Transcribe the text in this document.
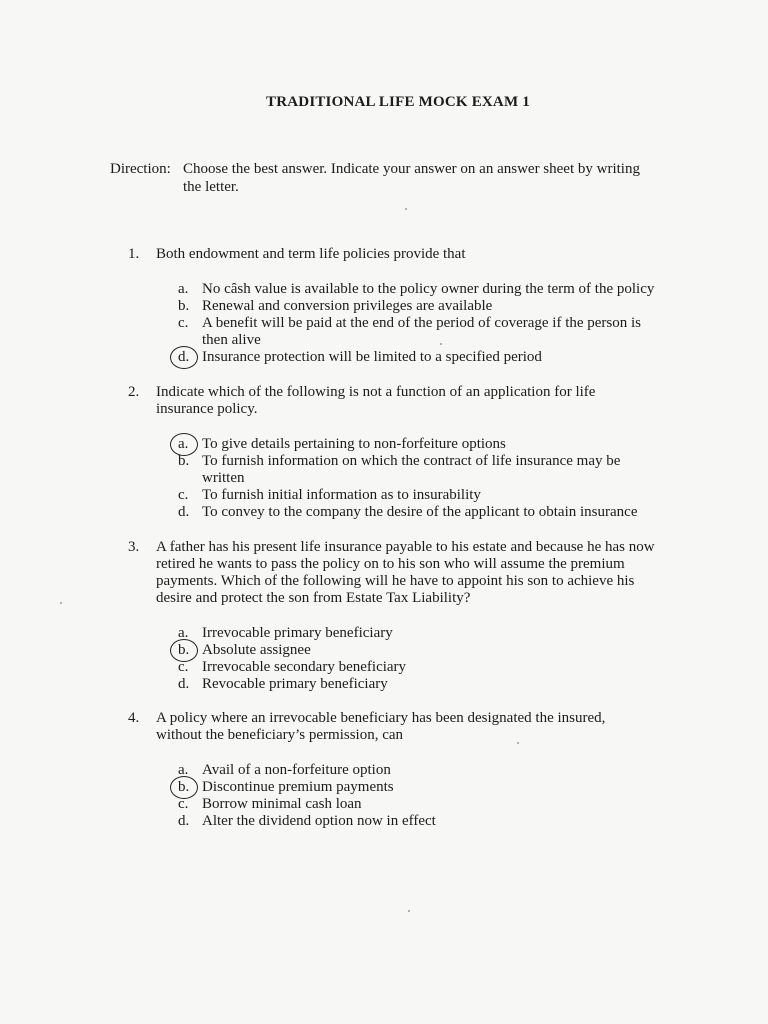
TRADITIONAL LIFE MOCK EXAM 1
Direction: Choose the best answer. Indicate your answer on an answer sheet by writing
the letter.
1. Both endowment and term life policies provide that
a. No cȃsh value is available to the policy owner during the term of the policy
b. Renewal and conversion privileges are available
c. A benefit will be paid at the end of the period of coverage if the person is then alive
d. Insurance protection will be limited to a specified period
2. Indicate which of the following is not a function of an application for life insurance policy.
a. To give details pertaining to non-forfeiture options
b. To furnish information on which the contract of life insurance may be written
c. To furnish initial information as to insurability
d. To convey to the company the desire of the applicant to obtain insurance
3. A father has his present life insurance payable to his estate and because he has now retired he wants to pass the policy on to his son who will assume the premium payments. Which of the following will he have to appoint his son to achieve his desire and protect the son from Estate Tax Liability?
a. Irrevocable primary beneficiary
b. Absolute assignee
c. Irrevocable secondary beneficiary
d. Revocable primary beneficiary
4. A policy where an irrevocable beneficiary has been designated the insured, without the beneficiary’s permission, can
a. Avail of a non-forfeiture option
b. Discontinue premium payments
c. Borrow minimal cash loan
d. Alter the dividend option now in effect
